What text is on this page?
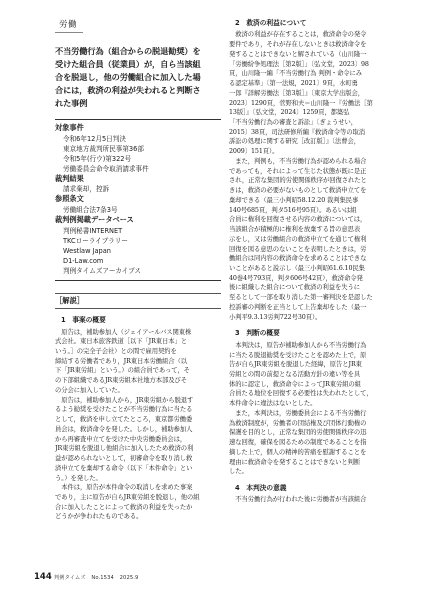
労働
不当労働行為（組合からの脱退勧奨）を
受けた組合員（従業員）が，自ら当該組
合を脱退し，他の労働組合に加入した場
合には，救済の利益が失われると判断さ
れた事例
対象事件
令和6年12月5日判決
東京地方裁判所民事第36部
令和5年(行ウ)第322号
労働委員会命令取消請求事件
裁判結果
請求棄却，控訴
参照条文
労働組合法7条3号
裁判例掲載データベース
判例秘書INTERNET
TKCローライブラリー
Westlaw Japan
D1-Law.com
判例タイムズアーカイブス
［解説］
1　事案の概要
　原告は，補助参加人（ジェイアールバス関東株
式会社。東日本旅客鉄道［以下「JR東日本」と
いう。］の完全子会社）との間で雇用契約を
締結する労働者であり，JR東日本労働組合（以
下「JR東労組」という。）の組合員であって，そ
の下部組織であるJR東労組本社地方本部及びそ
の分会に加入していた。
　原告は，補助参加人から，JR東労組から脱退す
るよう勧奨を受けたことが不当労働行為に当たる
として，救済を申し立てたところ，東京都労働委
員会は，救済命令を発した。しかし，補助参加人
から再審査申立てを受けた中央労働委員会は，
JR東労組を脱退し他組合に加入したため救済の利
益が認められないとして，初審命令を取り消し救
済申立てを棄却する命令（以下「本件命令」とい
う。）を発した。
　本件は，原告が本件命令の取消しを求めた事案
であり，主に原告が自らJR東労組を脱退し，他の組
合に加入したことによって救済の利益を失ったか
どうかが争われたものである。
2　救済の利益について
　救済の利益が存在することは，救済命令の発令
要件であり，それが存在しないときは救済命令を
発することはできないと解されている（山川隆一
「労働紛争処理法［第2版］」〔弘文堂，2023〕98
頁，山川隆一編「不当労働行為 判例・命令にみ
る認定基準」〔第一法規，2021〕9頁，水町勇
一郎『詳解労働法［第3版］』〔東京大学出版会，
2023〕1290頁，菅野和夫＝山川隆一『労働法［第
13版］』〔弘文堂，2024〕1259頁，都築弘
「不当労働行為の審査と訴訟」〔ぎょうせい，
2015〕38頁，司法研修所編『救済命令等の取消
訴訟の処理に関する研究［改訂版］』〔法曹会，
2009〕151頁）。
　また，判例も，不当労働行為が認められる場合
であっても，それによって生じた状態が既に是正
され，正常な集団的労使関係秩序が回復されたと
きは，救済の必要がないものとして救済申立てを
棄却できる（最三小判昭58.12.20 裁判集民事
140号685頁，判タ516号95頁）。あるいは組
合員に権利を回復させる内容の救済については，
当該組合が積極的に権利を放棄する旨の意思表
示をし，又は労働組合の救済申立てを通じて権利
回復を図る意思のないことを表明したときは，労
働組合は同内容の救済命令を求めることはできな
いことがあると説示し（最三小判昭61.6.10民集
40巻4号793頁，判タ606号42頁），救済命令発
後に組織した組合について救済の利益を失うに
至るとして一部を取り消した第一審判決を是認した
控訴審の判断を正当として上告棄却をした（最一
小判平9.3.13労判722号30頁）。
3　判断の概要
　本判決は，原告が補助参加人から不当労働行為
に当たる脱退勧奨を受けたことを認めた上で，原
告が自らJR東労組を脱退した経緯，原告とJR東
労組との間の前提となる活動方針の違い等を具
体的に認定し，救済命令によってJR東労組の組
合員たる地位を回復する必要性は失われたとして，
本件命令に違法はないとした。
　また，本判決は，労働委員会による不当労働行
為救済制度が，労働者の団結権及び団体行動権の
保護を目的とし，正常な集団的労使関係秩序の迅
速な回復，確保を図るための制度であることを指
摘した上で，個人の精神的苦痛を慰謝することを
理由に救済命令を発することはできないと判断
した。
4　本判決の意義
　不当労働行為が行われた後に労働者が当該組合
144 判例タイムズ No.1534 2025.9
